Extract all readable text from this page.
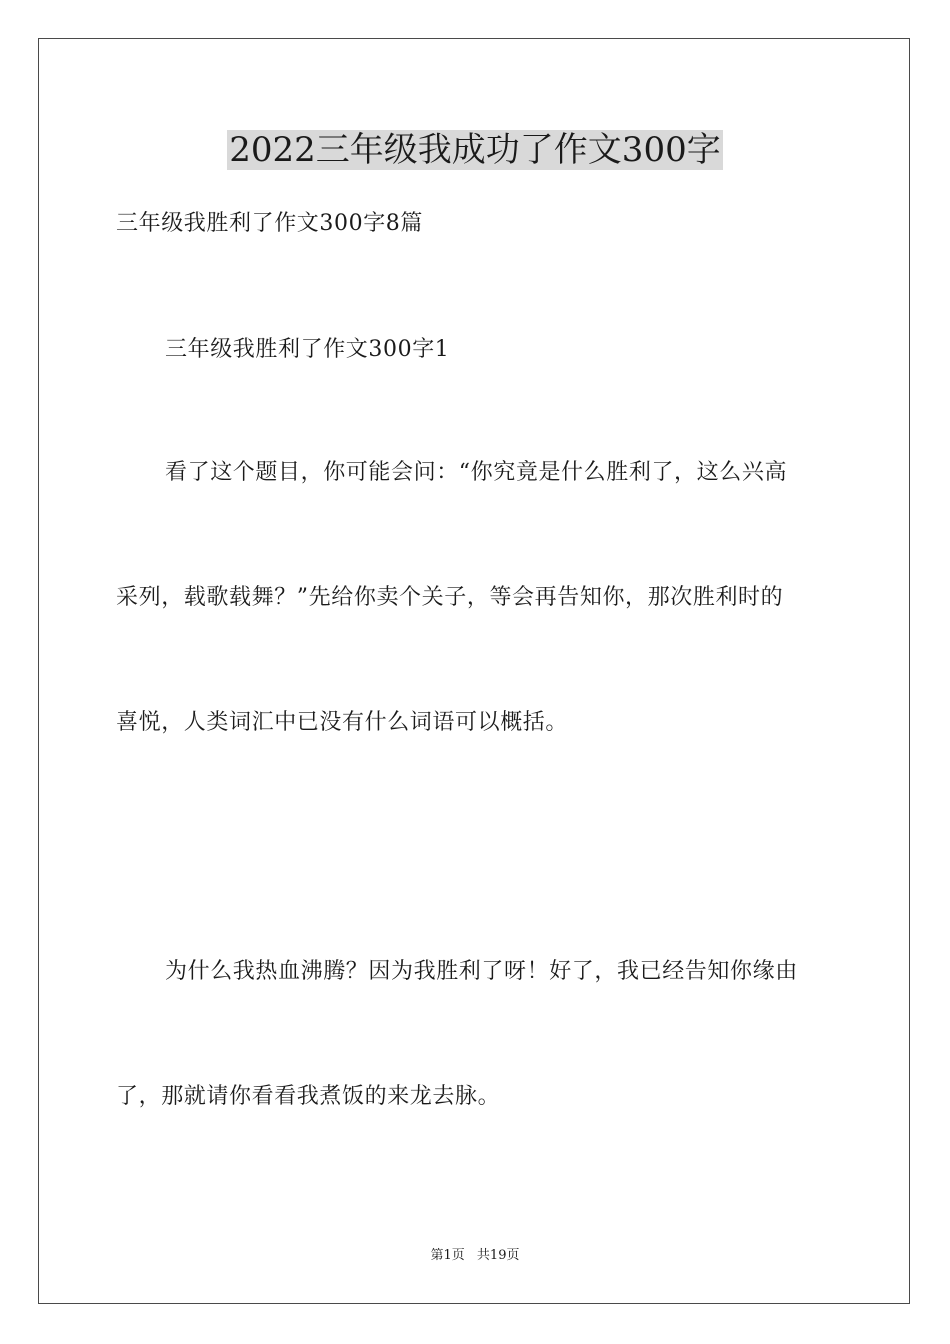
2022三年级我成功了作文300字
三年级我胜利了作文300字8篇
三年级我胜利了作文300字1
看了这个题目，你可能会问：“你究竟是什么胜利了，这么兴高
采列，载歌载舞？”先给你卖个关子，等会再告知你，那次胜利时的
喜悦，人类词汇中已没有什么词语可以概括。
为什么我热血沸腾？因为我胜利了呀！好了，我已经告知你缘由
了，那就请你看看我煮饭的来龙去脉。
第1页 共19页
